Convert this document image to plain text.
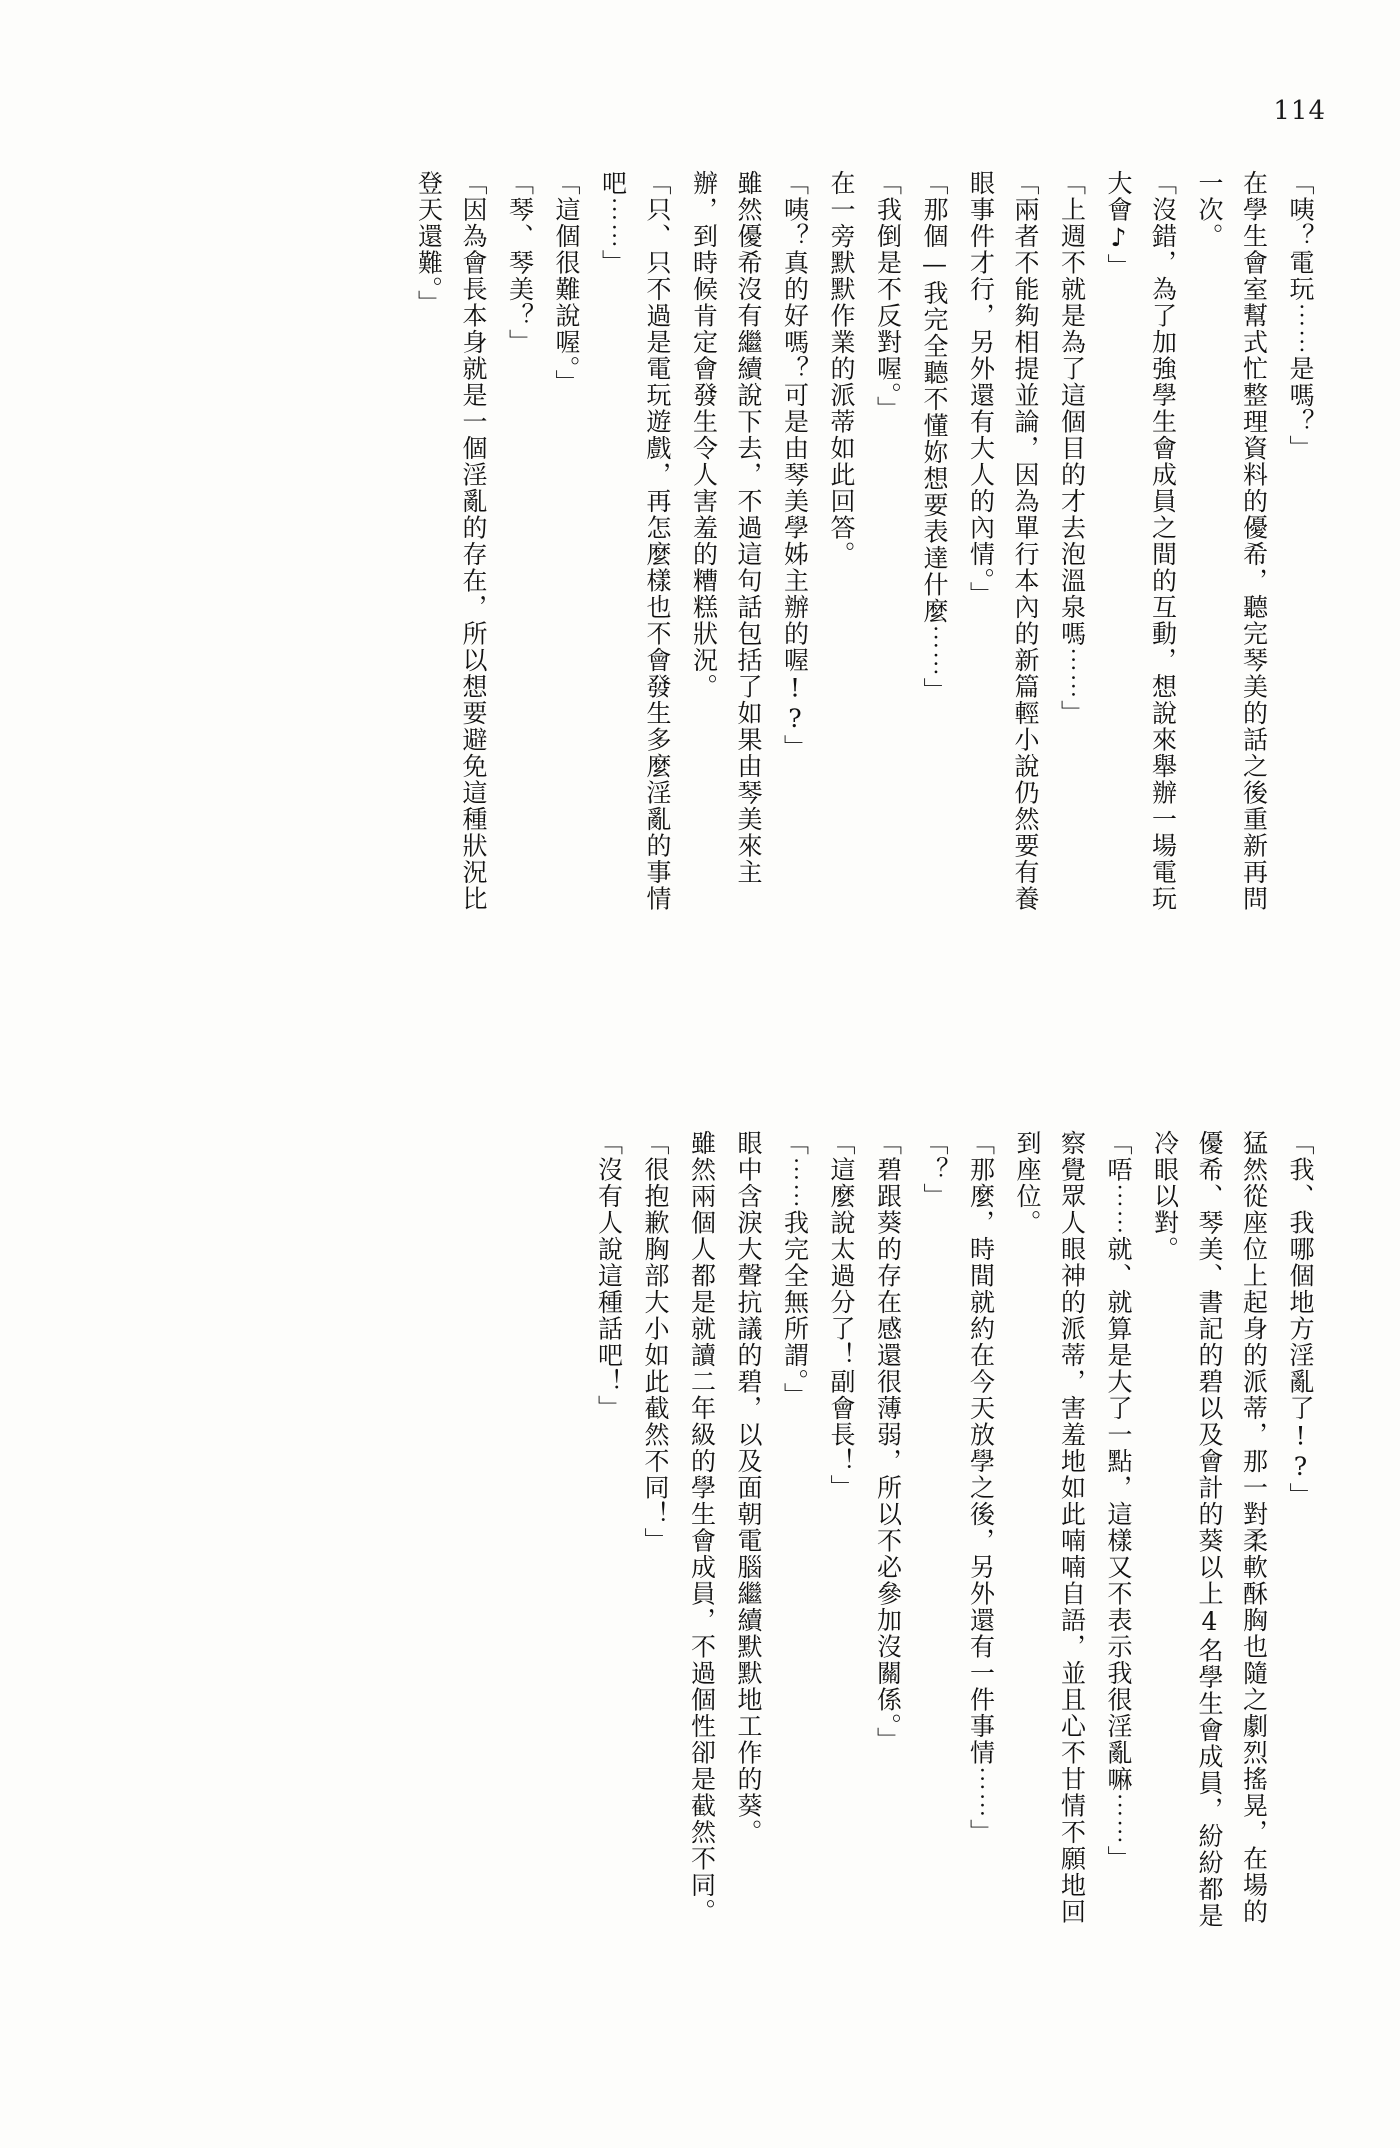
114

「咦？電玩⋯⋯是嗎？」

在學生會室幫式忙整理資料的優希，聽完琴美的話之後重新再問一次。

「沒錯，為了加強學生會成員之間的互動，想說來舉辦一場電玩大會♪」

「上週不就是為了這個目的才去泡溫泉嗎⋯⋯」

「兩者不能夠相提並論，因為單行本內的新篇輕小說仍然要有養眼事件才行，另外還有大人的內情。」

「那個—我完全聽不懂妳想要表達什麼⋯⋯」

「我倒是不反對喔。」

在一旁默默作業的派蒂如此回答。

「咦？真的好嗎？可是由琴美學姊主辦的喔!?」

雖然優希沒有繼續說下去，不過這句話包括了如果由琴美來主辦，到時候肯定會發生令人害羞的糟糕狀況。

「只、只不過是電玩遊戲，再怎麼樣也不會發生多麼淫亂的事情吧⋯⋯」

「這個很難說喔。」

「琴、琴美？」

「因為會長本身就是一個淫亂的存在，所以想要避免這種狀況比登天還難。」

「我、我哪個地方淫亂了!?」

猛然從座位上起身的派蒂，那一對柔軟酥胸也隨之劇烈搖晃，在場的優希、琴美、書記的碧以及會計的葵以上4名學生會成員，紛紛都是冷眼以對。

「唔⋯⋯就、就算是大了一點，這樣又不表示我很淫亂嘛⋯⋯」

察覺眾人眼神的派蒂，害羞地如此喃喃自語，並且心不甘情不願地回到座位。

「那麼，時間就約在今天放學之後，另外還有一件事情⋯⋯」

「？」

「碧跟葵的存在感還很薄弱，所以不必參加沒關係。」

「這麼說太過分了！副會長！」

「⋯⋯我完全無所謂。」

眼中含淚大聲抗議的碧，以及面朝電腦繼續默默地工作的葵。

雖然兩個人都是就讀二年級的學生會成員，不過個性卻是截然不同。

「很抱歉胸部大小如此截然不同！」

「沒有人說這種話吧！」
